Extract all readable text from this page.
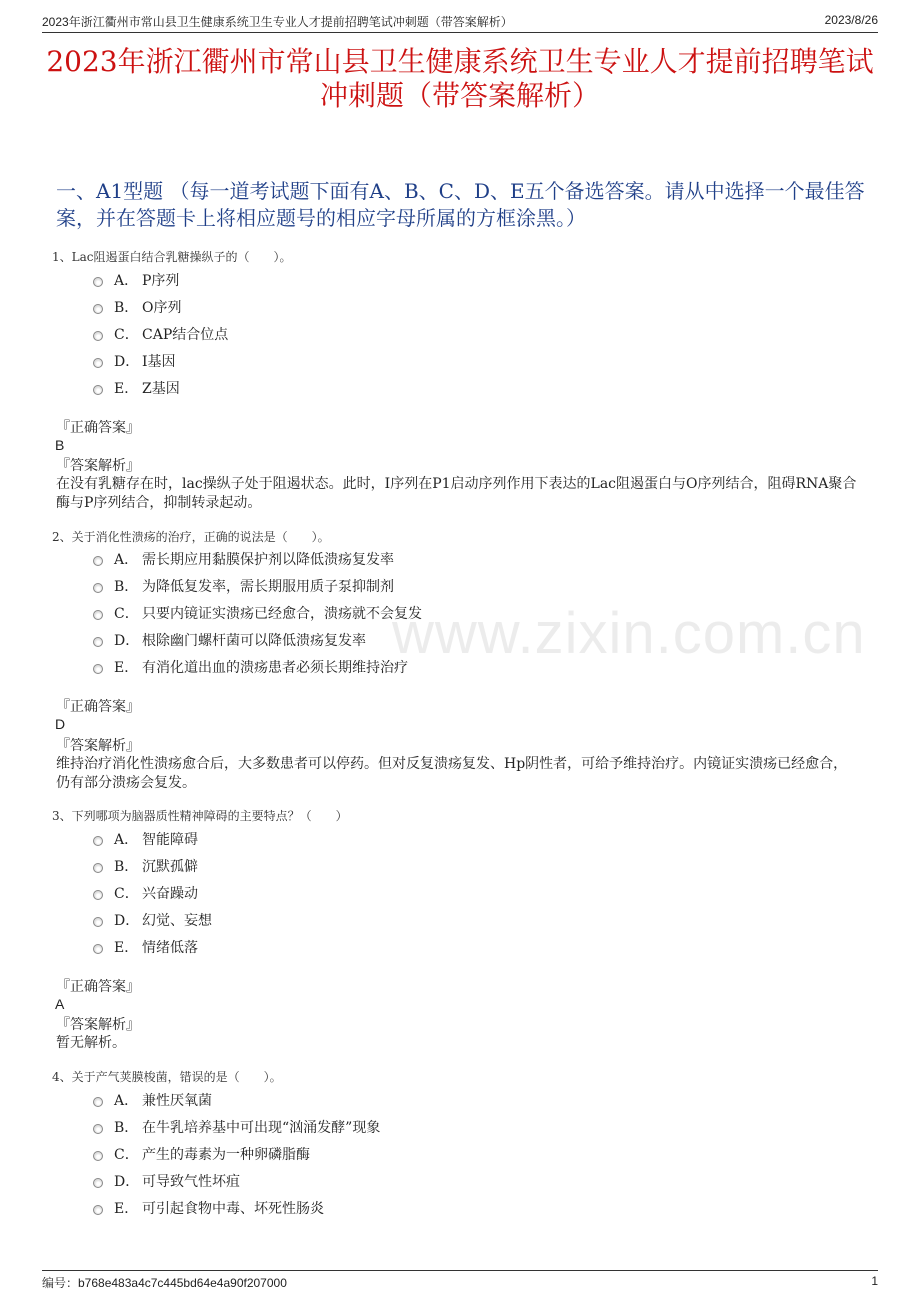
2023年浙江衢州市常山县卫生健康系统卫生专业人才提前招聘笔试冲刺题（带答案解析）	2023/8/26
2023年浙江衢州市常山县卫生健康系统卫生专业人才提前招聘笔试冲刺题（带答案解析）
一、A1型题 （每一道考试题下面有A、B、C、D、E五个备选答案。请从中选择一个最佳答案，并在答题卡上将相应题号的相应字母所属的方框涂黑。）
www.zixin.com.cn
1、Lac阻遏蛋白结合乳糖操纵子的（　　）。
A． P序列
B． O序列
C． CAP结合位点
D． I基因
E． Z基因
『正确答案』
B
『答案解析』
在没有乳糖存在时，lac操纵子处于阻遏状态。此时，I序列在P1启动序列作用下表达的Lac阻遏蛋白与O序列结合，阻碍RNA聚合酶与P序列结合，抑制转录起动。
2、关于消化性溃疡的治疗，正确的说法是（　　）。
A． 需长期应用黏膜保护剂以降低溃疡复发率
B． 为降低复发率，需长期服用质子泵抑制剂
C． 只要内镜证实溃疡已经愈合，溃疡就不会复发
D． 根除幽门螺杆菌可以降低溃疡复发率
E． 有消化道出血的溃疡患者必须长期维持治疗
『正确答案』
D
『答案解析』
维持治疗消化性溃疡愈合后，大多数患者可以停药。但对反复溃疡复发、Hp阴性者，可给予维持治疗。内镜证实溃疡已经愈合，仍有部分溃疡会复发。
3、下列哪项为脑器质性精神障碍的主要特点？（　　）
A． 智能障碍
B． 沉默孤僻
C． 兴奋躁动
D． 幻觉、妄想
E． 情绪低落
『正确答案』
A
『答案解析』
暂无解析。
4、关于产气荚膜梭菌，错误的是（　　）。
A． 兼性厌氧菌
B． 在牛乳培养基中可出现“汹涌发酵”现象
C． 产生的毒素为一种卵磷脂酶
D． 可导致气性坏疽
E． 可引起食物中毒、坏死性肠炎
编号：b768e483a4c7c445bd64e4a90f207000	1
